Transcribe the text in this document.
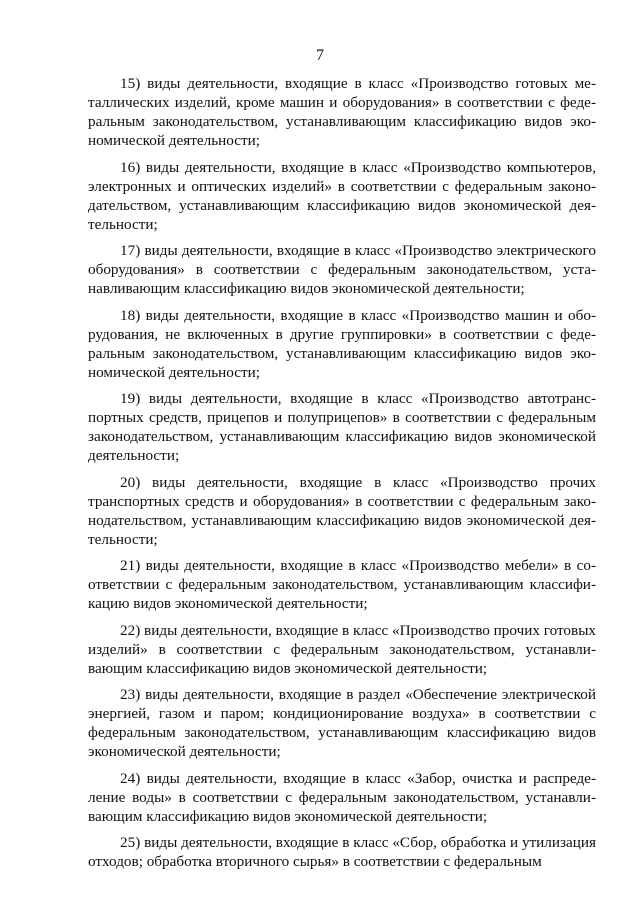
7

15) виды деятельности, входящие в класс «Производство готовых металлических изделий, кроме машин и оборудования» в соответствии с федеральным законодательством, устанавливающим классификацию видов экономической деятельности;

16) виды деятельности, входящие в класс «Производство компьютеров, электронных и оптических изделий» в соответствии с федеральным законодательством, устанавливающим классификацию видов экономической деятельности;

17) виды деятельности, входящие в класс «Производство электрического оборудования» в соответствии с федеральным законодательством, устанавливающим классификацию видов экономической деятельности;

18) виды деятельности, входящие в класс «Производство машин и оборудования, не включенных в другие группировки» в соответствии с федеральным законодательством, устанавливающим классификацию видов экономической деятельности;

19) виды деятельности, входящие в класс «Производство автотранспортных средств, прицепов и полуприцепов» в соответствии с федеральным законодательством, устанавливающим классификацию видов экономической деятельности;

20) виды деятельности, входящие в класс «Производство прочих транспортных средств и оборудования» в соответствии с федеральным законодательством, устанавливающим классификацию видов экономической деятельности;

21) виды деятельности, входящие в класс «Производство мебели» в соответствии с федеральным законодательством, устанавливающим классификацию видов экономической деятельности;

22) виды деятельности, входящие в класс «Производство прочих готовых изделий» в соответствии с федеральным законодательством, устанавливающим классификацию видов экономической деятельности;

23) виды деятельности, входящие в раздел «Обеспечение электрической энергией, газом и паром; кондиционирование воздуха» в соответствии с федеральным законодательством, устанавливающим классификацию видов экономической деятельности;

24) виды деятельности, входящие в класс «Забор, очистка и распределение воды» в соответствии с федеральным законодательством, устанавливающим классификацию видов экономической деятельности;

25) виды деятельности, входящие в класс «Сбор, обработка и утилизация отходов; обработка вторичного сырья» в соответствии с федеральным
